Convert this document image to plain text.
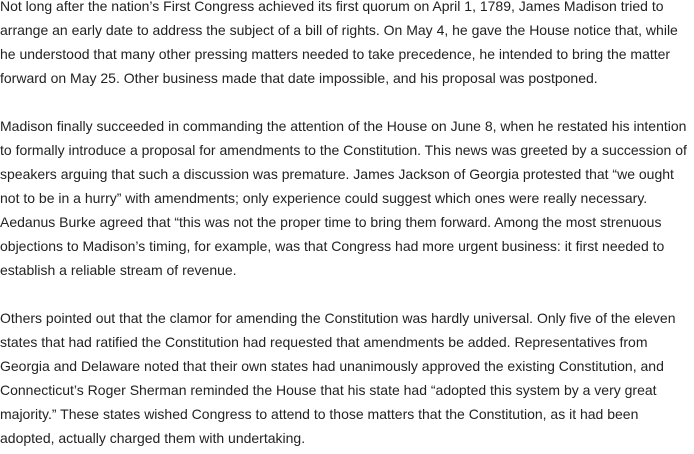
Not long after the nation’s First Congress achieved its first quorum on April 1, 1789, James Madison tried to
arrange an early date to address the subject of a bill of rights. On May 4, he gave the House notice that, while
he understood that many other pressing matters needed to take precedence, he intended to bring the matter
forward on May 25. Other business made that date impossible, and his proposal was postponed.

Madison finally succeeded in commanding the attention of the House on June 8, when he restated his intention
to formally introduce a proposal for amendments to the Constitution. This news was greeted by a succession of
speakers arguing that such a discussion was premature. James Jackson of Georgia protested that “we ought
not to be in a hurry” with amendments; only experience could suggest which ones were really necessary.
Aedanus Burke agreed that “this was not the proper time to bring them forward. Among the most strenuous
objections to Madison’s timing, for example, was that Congress had more urgent business: it first needed to
establish a reliable stream of revenue.

Others pointed out that the clamor for amending the Constitution was hardly universal. Only five of the eleven
states that had ratified the Constitution had requested that amendments be added. Representatives from
Georgia and Delaware noted that their own states had unanimously approved the existing Constitution, and
Connecticut’s Roger Sherman reminded the House that his state had “adopted this system by a very great
majority.” These states wished Congress to attend to those matters that the Constitution, as it had been
adopted, actually charged them with undertaking.
